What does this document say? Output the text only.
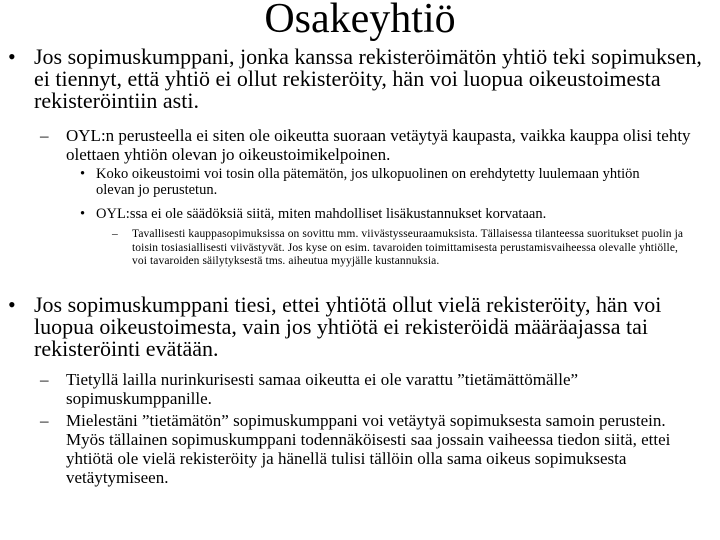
Osakeyhtiö
• Jos sopimuskumppani, jonka kanssa rekisteröimätön yhtiö teki sopimuksen, ei tiennyt, että yhtiö ei ollut rekisteröity, hän voi luopua oikeustoimesta rekisteröintiin asti.
– OYL:n perusteella ei siten ole oikeutta suoraan vetäytyä kaupasta, vaikka kauppa olisi tehty olettaen yhtiön olevan jo oikeustoimikelpoinen.
• Koko oikeustoimi voi tosin olla pätemätön, jos ulkopuolinen on erehdytetty luulemaan yhtiön olevan jo perustetun.
• OYL:ssa ei ole säädöksiä siitä, miten mahdolliset lisäkustannukset korvataan.
– Tavallisesti kauppasopimuksissa on sovittu mm. viivästysseuraamuksista. Tällaisessa tilanteessa suoritukset puolin ja toisin tosiasiallisesti viivästyvät. Jos kyse on esim. tavaroiden toimittamisesta perustamisvaiheessa olevalle yhtiölle, voi tavaroiden säilytyksestä tms. aiheutua myyjälle kustannuksia.
• Jos sopimuskumppani tiesi, ettei yhtiötä ollut vielä rekisteröity, hän voi luopua oikeustoimesta, vain jos yhtiötä ei rekisteröidä määräajassa tai rekisteröinti evätään.
– Tietyllä lailla nurinkurisesti samaa oikeutta ei ole varattu ”tietämättömälle” sopimuskumppanille.
– Mielestäni ”tietämätön” sopimuskumppani voi vetäytyä sopimuksesta samoin perustein. Myös tällainen sopimuskumppani todennäköisesti saa jossain vaiheessa tiedon siitä, ettei yhtiötä ole vielä rekisteröity ja hänellä tulisi tällöin olla sama oikeus sopimuksesta vetäytymiseen.
